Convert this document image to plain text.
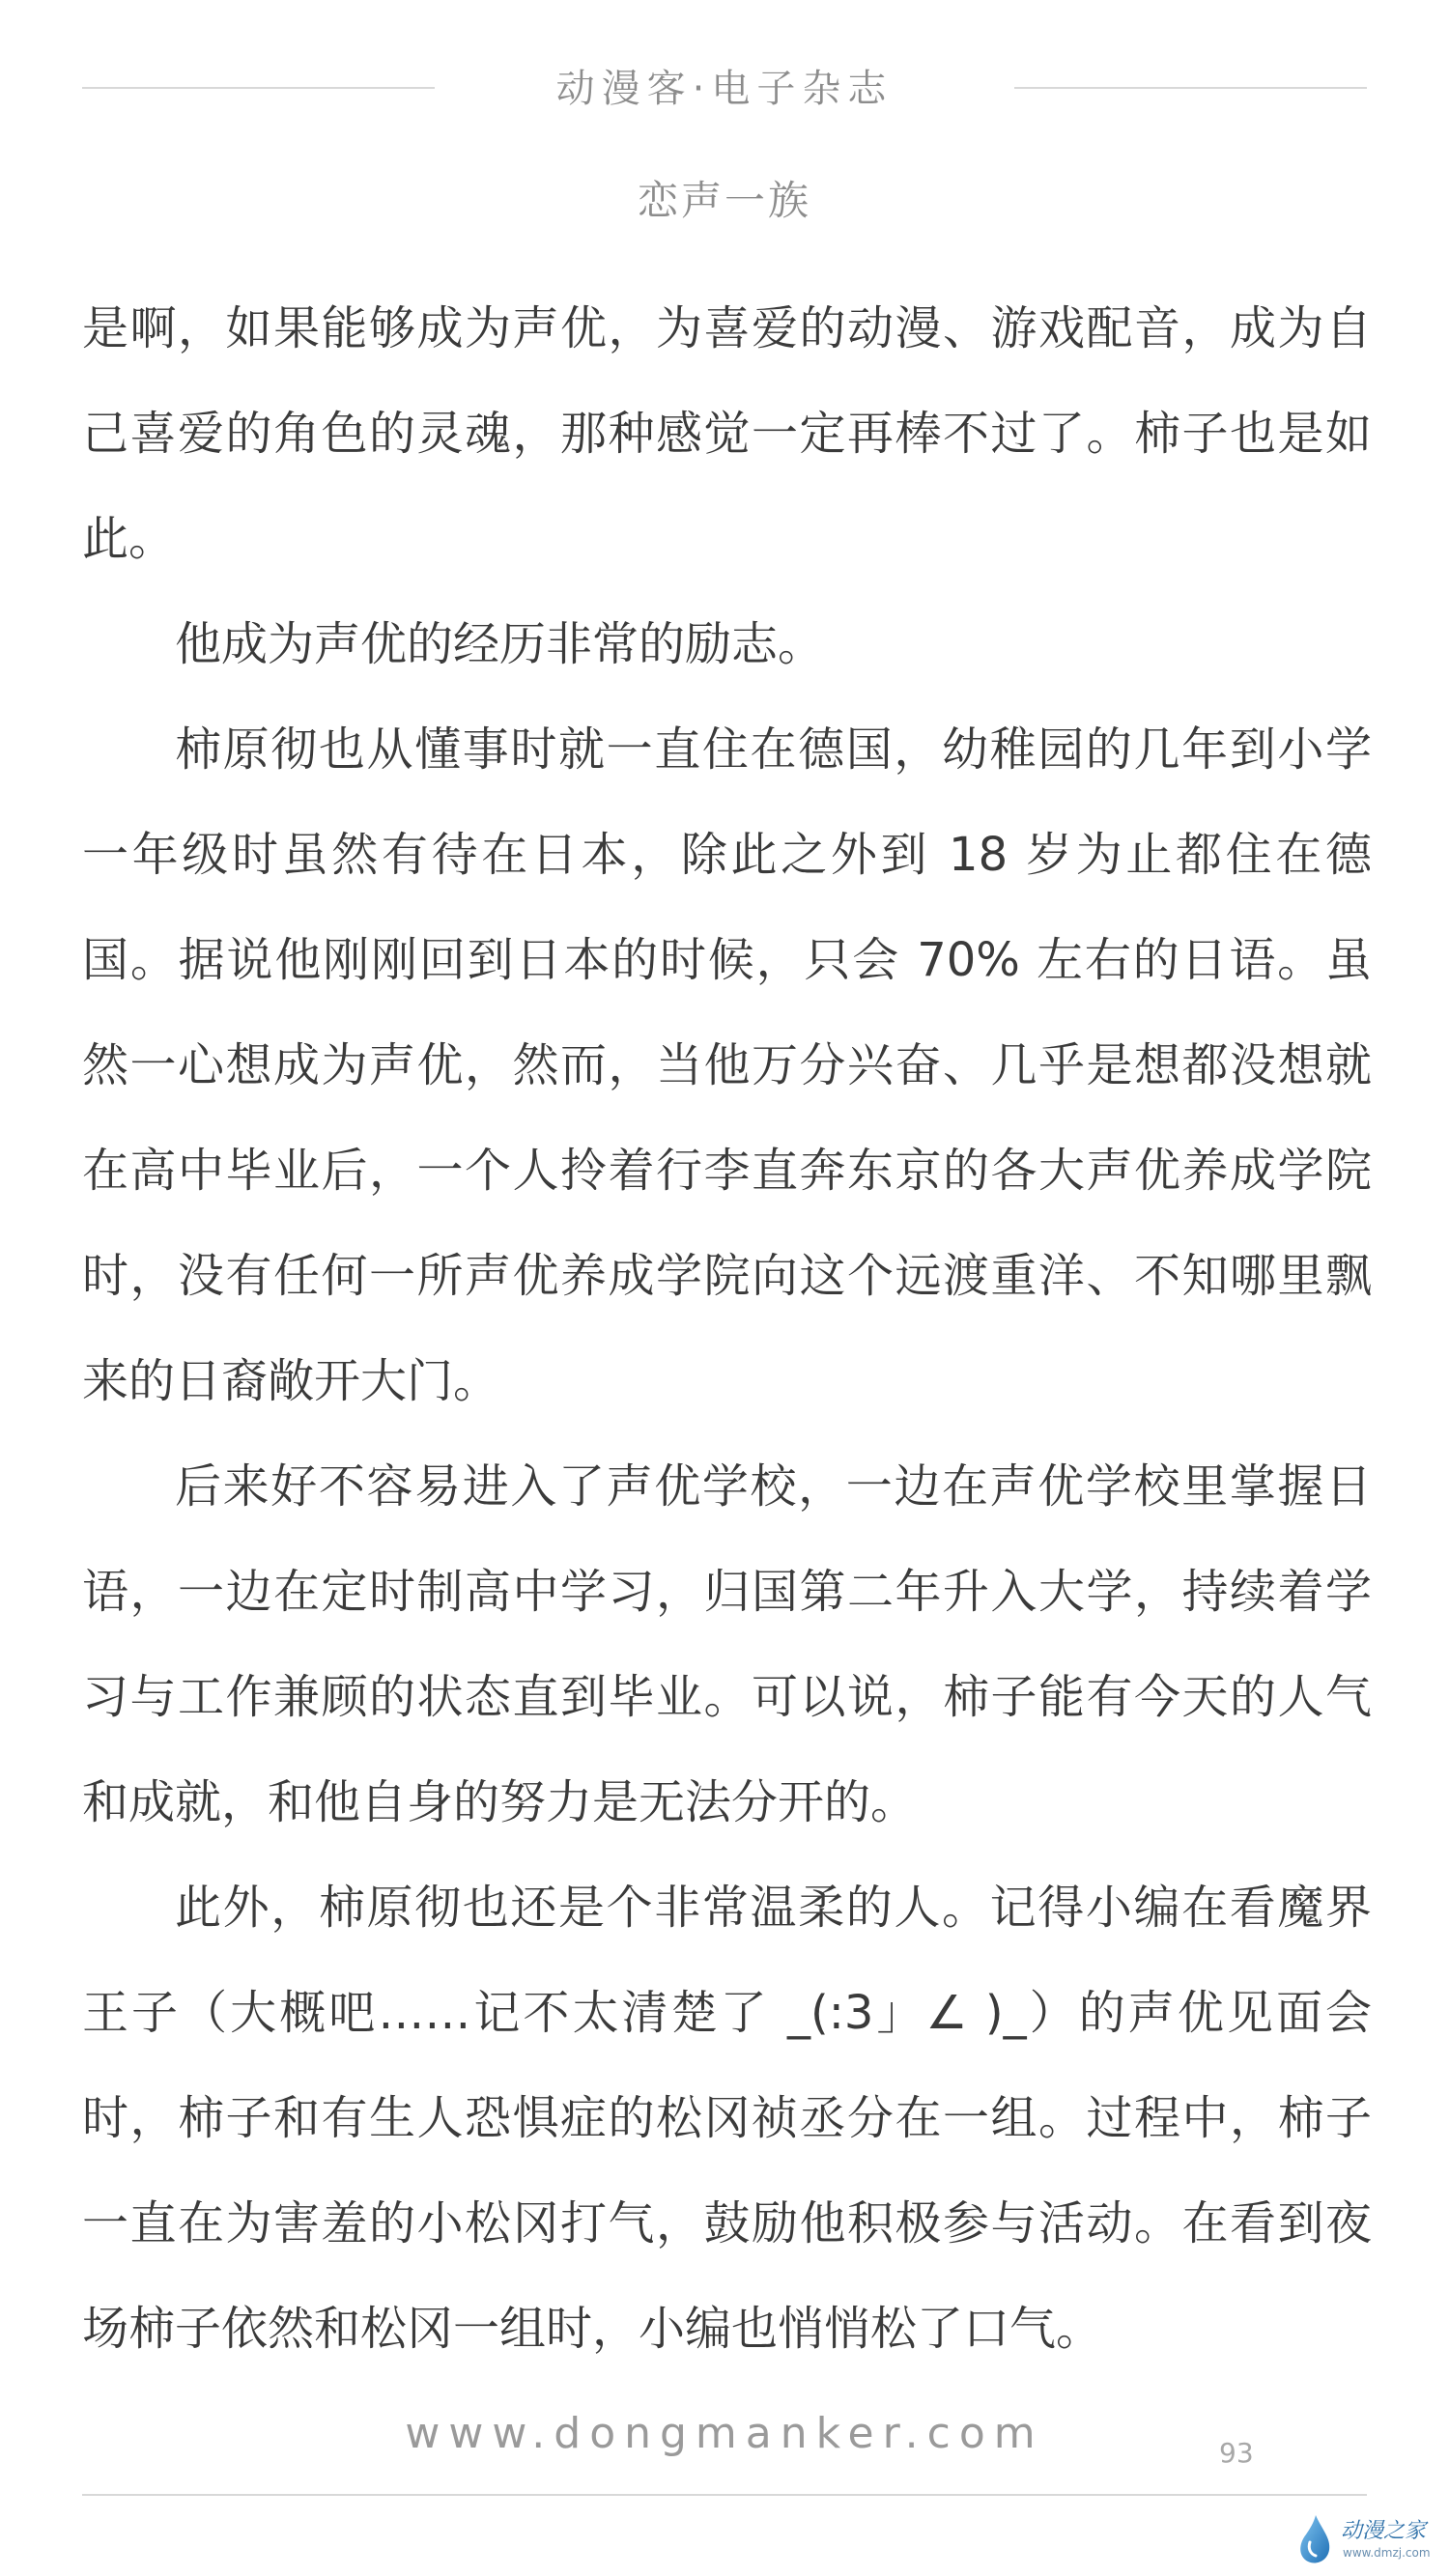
动漫客·电子杂志
恋声一族

是啊，如果能够成为声优，为喜爱的动漫、游戏配音，成为自己喜爱的角色的灵魂，那种感觉一定再棒不过了。柿子也是如此。

他成为声优的经历非常的励志。

柿原彻也从懂事时就一直住在德国，幼稚园的几年到小学一年级时虽然有待在日本，除此之外到 18 岁为止都住在德国。据说他刚刚回到日本的时候，只会 70% 左右的日语。虽然一心想成为声优，然而，当他万分兴奋、几乎是想都没想就在高中毕业后，一个人拎着行李直奔东京的各大声优养成学院时，没有任何一所声优养成学院向这个远渡重洋、不知哪里飘来的日裔敞开大门。

后来好不容易进入了声优学校，一边在声优学校里掌握日语，一边在定时制高中学习，归国第二年升入大学，持续着学习与工作兼顾的状态直到毕业。可以说，柿子能有今天的人气和成就，和他自身的努力是无法分开的。

此外，柿原彻也还是个非常温柔的人。记得小编在看魔界王子（大概吧……记不太清楚了 _(:3」∠ )_）的声优见面会时，柿子和有生人恐惧症的松冈祯丞分在一组。过程中，柿子一直在为害羞的小松冈打气，鼓励他积极参与活动。在看到夜场柿子依然和松冈一组时，小编也悄悄松了口气。

www.dongmanker.com	93
动漫之家
www.dmzj.com
